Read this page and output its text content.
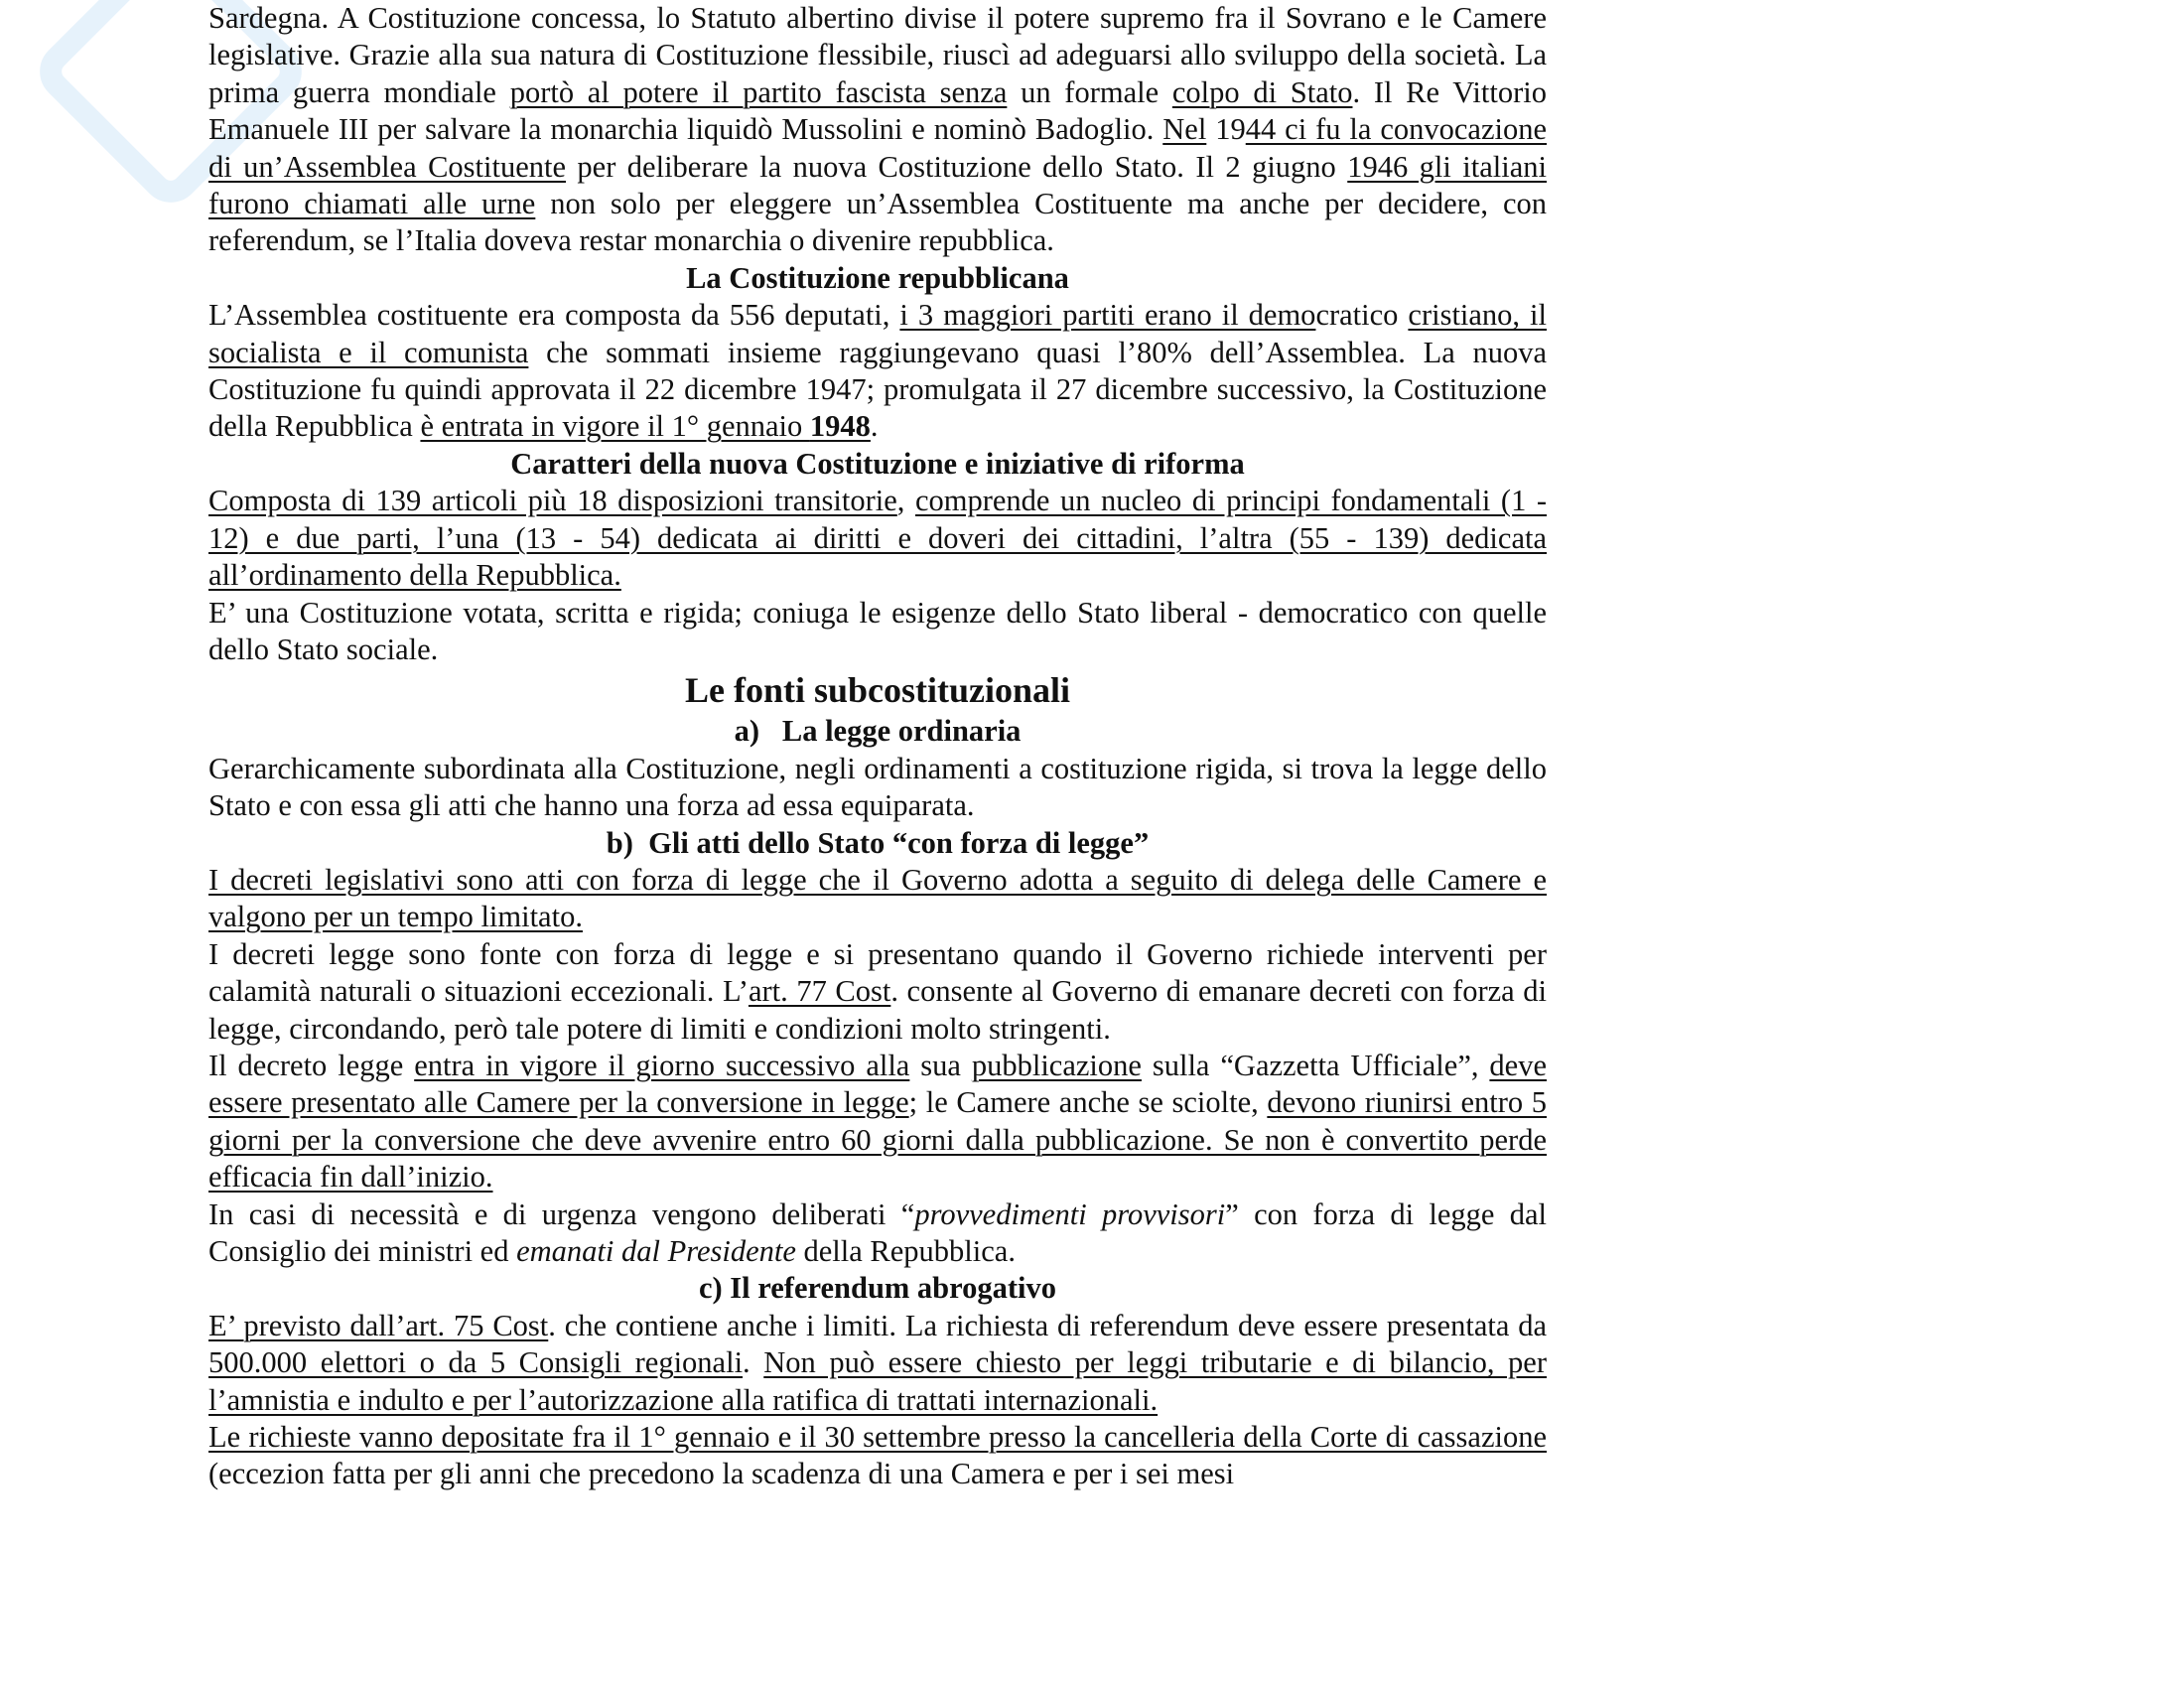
Sardegna. A Costituzione concessa, lo Statuto albertino divise il potere supremo fra il Sovrano e le Camere legislative. Grazie alla sua natura di Costituzione flessibile, riuscì ad adeguarsi allo sviluppo della società. La prima guerra mondiale portò al potere il partito fascista senza un formale colpo di Stato. Il Re Vittorio Emanuele III per salvare la monarchia liquidò Mussolini e nominò Badoglio. Nel 1944 ci fu la convocazione di un’Assemblea Costituente per deliberare la nuova Costituzione dello Stato. Il 2 giugno 1946 gli italiani furono chiamati alle urne non solo per eleggere un’Assemblea Costituente ma anche per decidere, con referendum, se l’Italia doveva restar monarchia o divenire repubblica.

La Costituzione repubblicana

L’Assemblea costituente era composta da 556 deputati, i 3 maggiori partiti erano il democratico cristiano, il socialista e il comunista che sommati insieme raggiungevano quasi l’80% dell’Assemblea. La nuova Costituzione fu quindi approvata il 22 dicembre 1947; promulgata il 27 dicembre successivo, la Costituzione della Repubblica è entrata in vigore il 1° gennaio 1948.

Caratteri della nuova Costituzione e iniziative di riforma

Composta di 139 articoli più 18 disposizioni transitorie, comprende un nucleo di principi fondamentali (1 - 12) e due parti, l’una (13 - 54) dedicata ai diritti e doveri dei cittadini, l’altra (55 - 139) dedicata all’ordinamento della Repubblica.

E’ una Costituzione votata, scritta e rigida; coniuga le esigenze dello Stato liberal - democratico con quelle dello Stato sociale.

Le fonti subcostituzionali
a)   La legge ordinaria

Gerarchicamente subordinata alla Costituzione, negli ordinamenti a costituzione rigida, si trova la legge dello Stato e con essa gli atti che hanno una forza ad essa equiparata.

b)  Gli atti dello Stato “con forza di legge”

I decreti legislativi sono atti con forza di legge che il Governo adotta a seguito di delega delle Camere e valgono per un tempo limitato.

I decreti legge sono fonte con forza di legge e si presentano quando il Governo richiede interventi per calamità naturali o situazioni eccezionali. L’art. 77 Cost. consente al Governo di emanare decreti con forza di legge, circondando, però tale potere di limiti e condizioni molto stringenti.

Il decreto legge entra in vigore il giorno successivo alla sua pubblicazione sulla “Gazzetta Ufficiale”, deve essere presentato alle Camere per la conversione in legge; le Camere anche se sciolte, devono riunirsi entro 5 giorni per la conversione che deve avvenire entro 60 giorni dalla pubblicazione. Se non è convertito perde efficacia fin dall’inizio.

In casi di necessità e di urgenza vengono deliberati “provvedimenti provvisori” con forza di legge dal Consiglio dei ministri ed emanati dal Presidente della Repubblica.

c) Il referendum abrogativo

E’ previsto dall’art. 75 Cost. che contiene anche i limiti. La richiesta di referendum deve essere presentata da 500.000 elettori o da 5 Consigli regionali. Non può essere chiesto per leggi tributarie e di bilancio, per l’amnistia e indulto e per l’autorizzazione alla ratifica di trattati internazionali.

Le richieste vanno depositate fra il 1° gennaio e il 30 settembre presso la cancelleria della Corte di cassazione (eccezion fatta per gli anni che precedono la scadenza di una Camera e per i sei mesi
